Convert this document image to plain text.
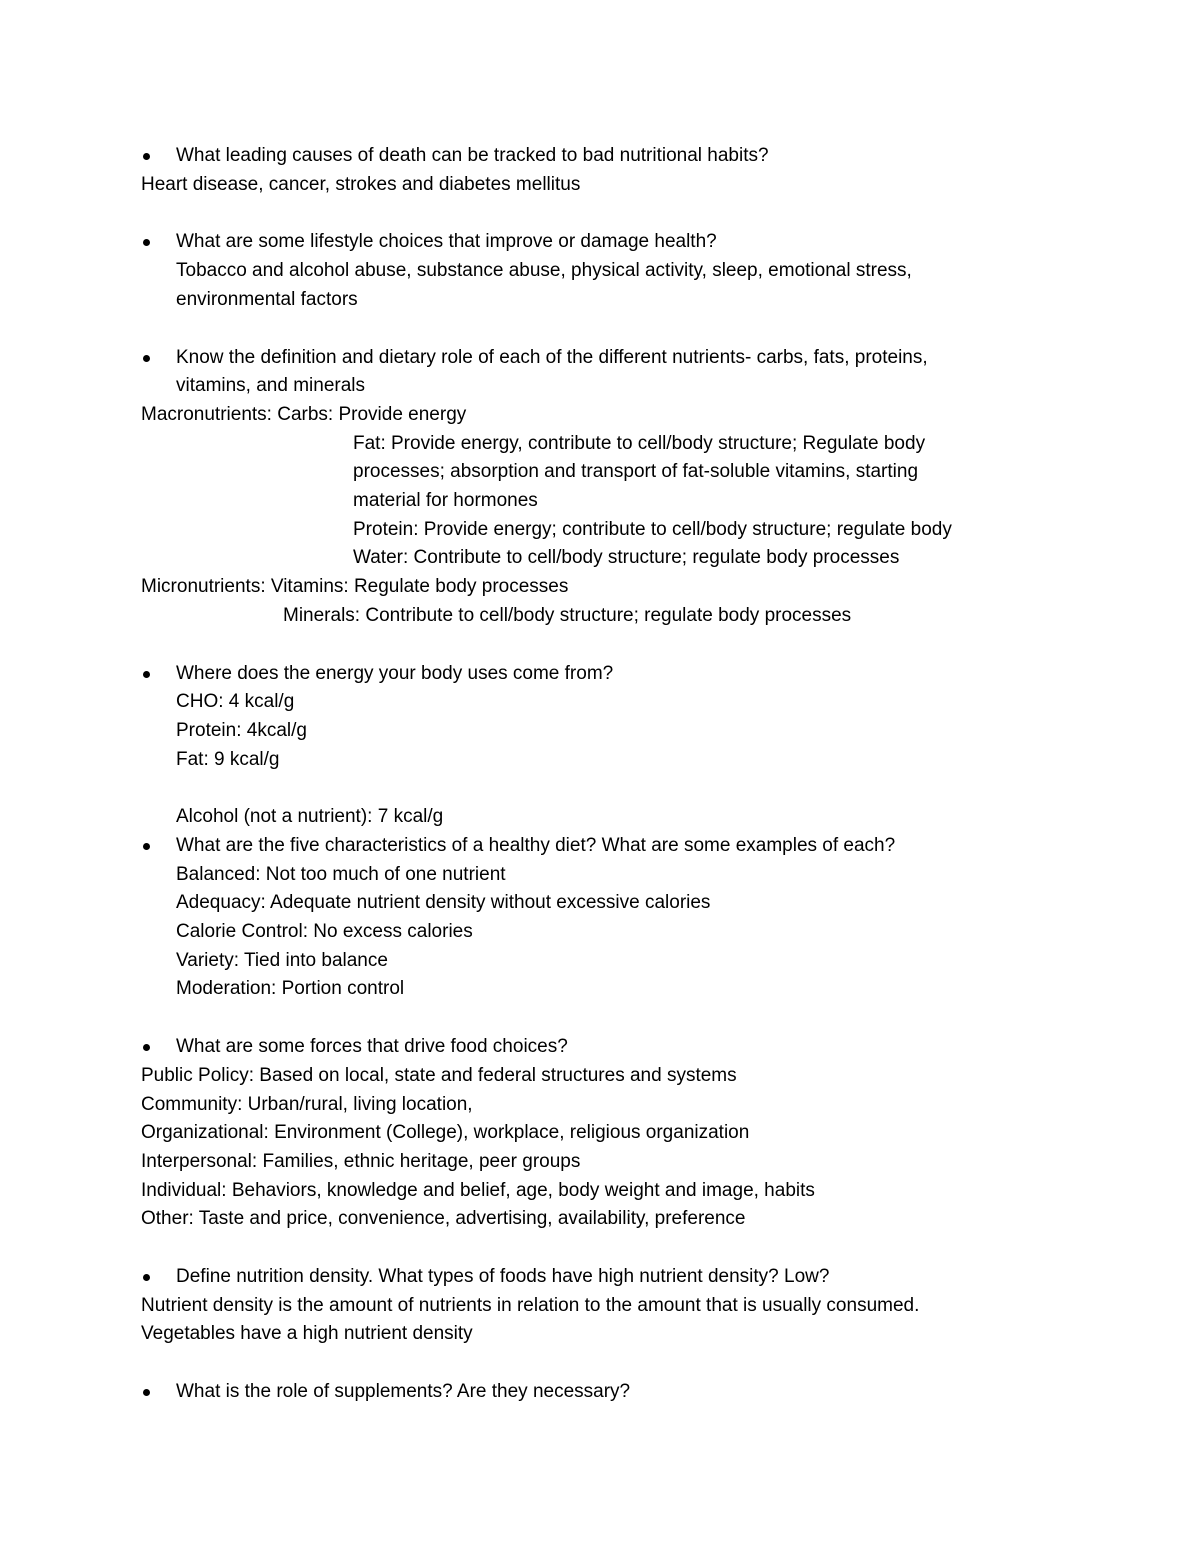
What leading causes of death can be tracked to bad nutritional habits?
Heart disease, cancer, strokes and diabetes mellitus
What are some lifestyle choices that improve or damage health?
Tobacco and alcohol abuse, substance abuse, physical activity, sleep, emotional stress,
environmental factors
Know the definition and dietary role of each of the different nutrients- carbs, fats, proteins,
vitamins, and minerals
Macronutrients: Carbs: Provide energy
Fat: Provide energy, contribute to cell/body structure; Regulate body
processes; absorption and transport of fat-soluble vitamins, starting
material for hormones
Protein: Provide energy; contribute to cell/body structure; regulate body
Water: Contribute to cell/body structure; regulate body processes
Micronutrients: Vitamins: Regulate body processes
Minerals: Contribute to cell/body structure; regulate body processes
Where does the energy your body uses come from?
CHO: 4 kcal/g
Protein: 4kcal/g
Fat: 9 kcal/g
Alcohol (not a nutrient): 7 kcal/g
What are the five characteristics of a healthy diet? What are some examples of each?
Balanced: Not too much of one nutrient
Adequacy: Adequate nutrient density without excessive calories
Calorie Control: No excess calories
Variety: Tied into balance
Moderation: Portion control
What are some forces that drive food choices?
Public Policy: Based on local, state and federal structures and systems
Community: Urban/rural, living location,
Organizational: Environment (College), workplace, religious organization
Interpersonal: Families, ethnic heritage, peer groups
Individual: Behaviors, knowledge and belief, age, body weight and image, habits
Other: Taste and price, convenience, advertising, availability, preference
Define nutrition density. What types of foods have high nutrient density? Low?
Nutrient density is the amount of nutrients in relation to the amount that is usually consumed.
Vegetables have a high nutrient density
What is the role of supplements? Are they necessary?
